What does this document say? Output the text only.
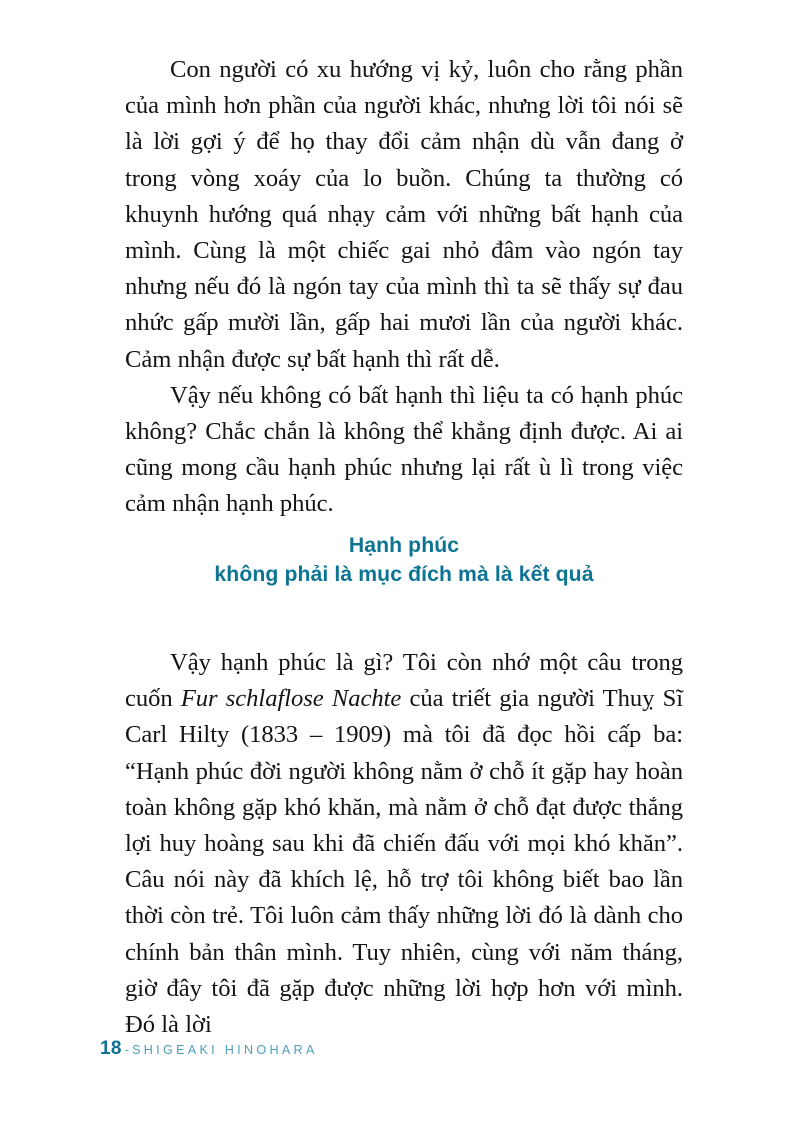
Con người có xu hướng vị kỷ, luôn cho rằng phần của mình hơn phần của người khác, nhưng lời tôi nói sẽ là lời gợi ý để họ thay đổi cảm nhận dù vẫn đang ở trong vòng xoáy của lo buồn. Chúng ta thường có khuynh hướng quá nhạy cảm với những bất hạnh của mình. Cùng là một chiếc gai nhỏ đâm vào ngón tay nhưng nếu đó là ngón tay của mình thì ta sẽ thấy sự đau nhức gấp mười lần, gấp hai mươi lần của người khác. Cảm nhận được sự bất hạnh thì rất dễ.

Vậy nếu không có bất hạnh thì liệu ta có hạnh phúc không? Chắc chắn là không thể khẳng định được. Ai ai cũng mong cầu hạnh phúc nhưng lại rất ù lì trong việc cảm nhận hạnh phúc.

Hạnh phúc
không phải là mục đích mà là kết quả

Vậy hạnh phúc là gì? Tôi còn nhớ một câu trong cuốn Fur schlaflose Nachte của triết gia người Thuỵ Sĩ Carl Hilty (1833 – 1909) mà tôi đã đọc hồi cấp ba: “Hạnh phúc đời người không nằm ở chỗ ít gặp hay hoàn toàn không gặp khó khăn, mà nằm ở chỗ đạt được thắng lợi huy hoàng sau khi đã chiến đấu với mọi khó khăn”. Câu nói này đã khích lệ, hỗ trợ tôi không biết bao lần thời còn trẻ. Tôi luôn cảm thấy những lời đó là dành cho chính bản thân mình. Tuy nhiên, cùng với năm tháng, giờ đây tôi đã gặp được những lời hợp hơn với mình. Đó là lời

18 - SHIGEAKI HINOHARA
